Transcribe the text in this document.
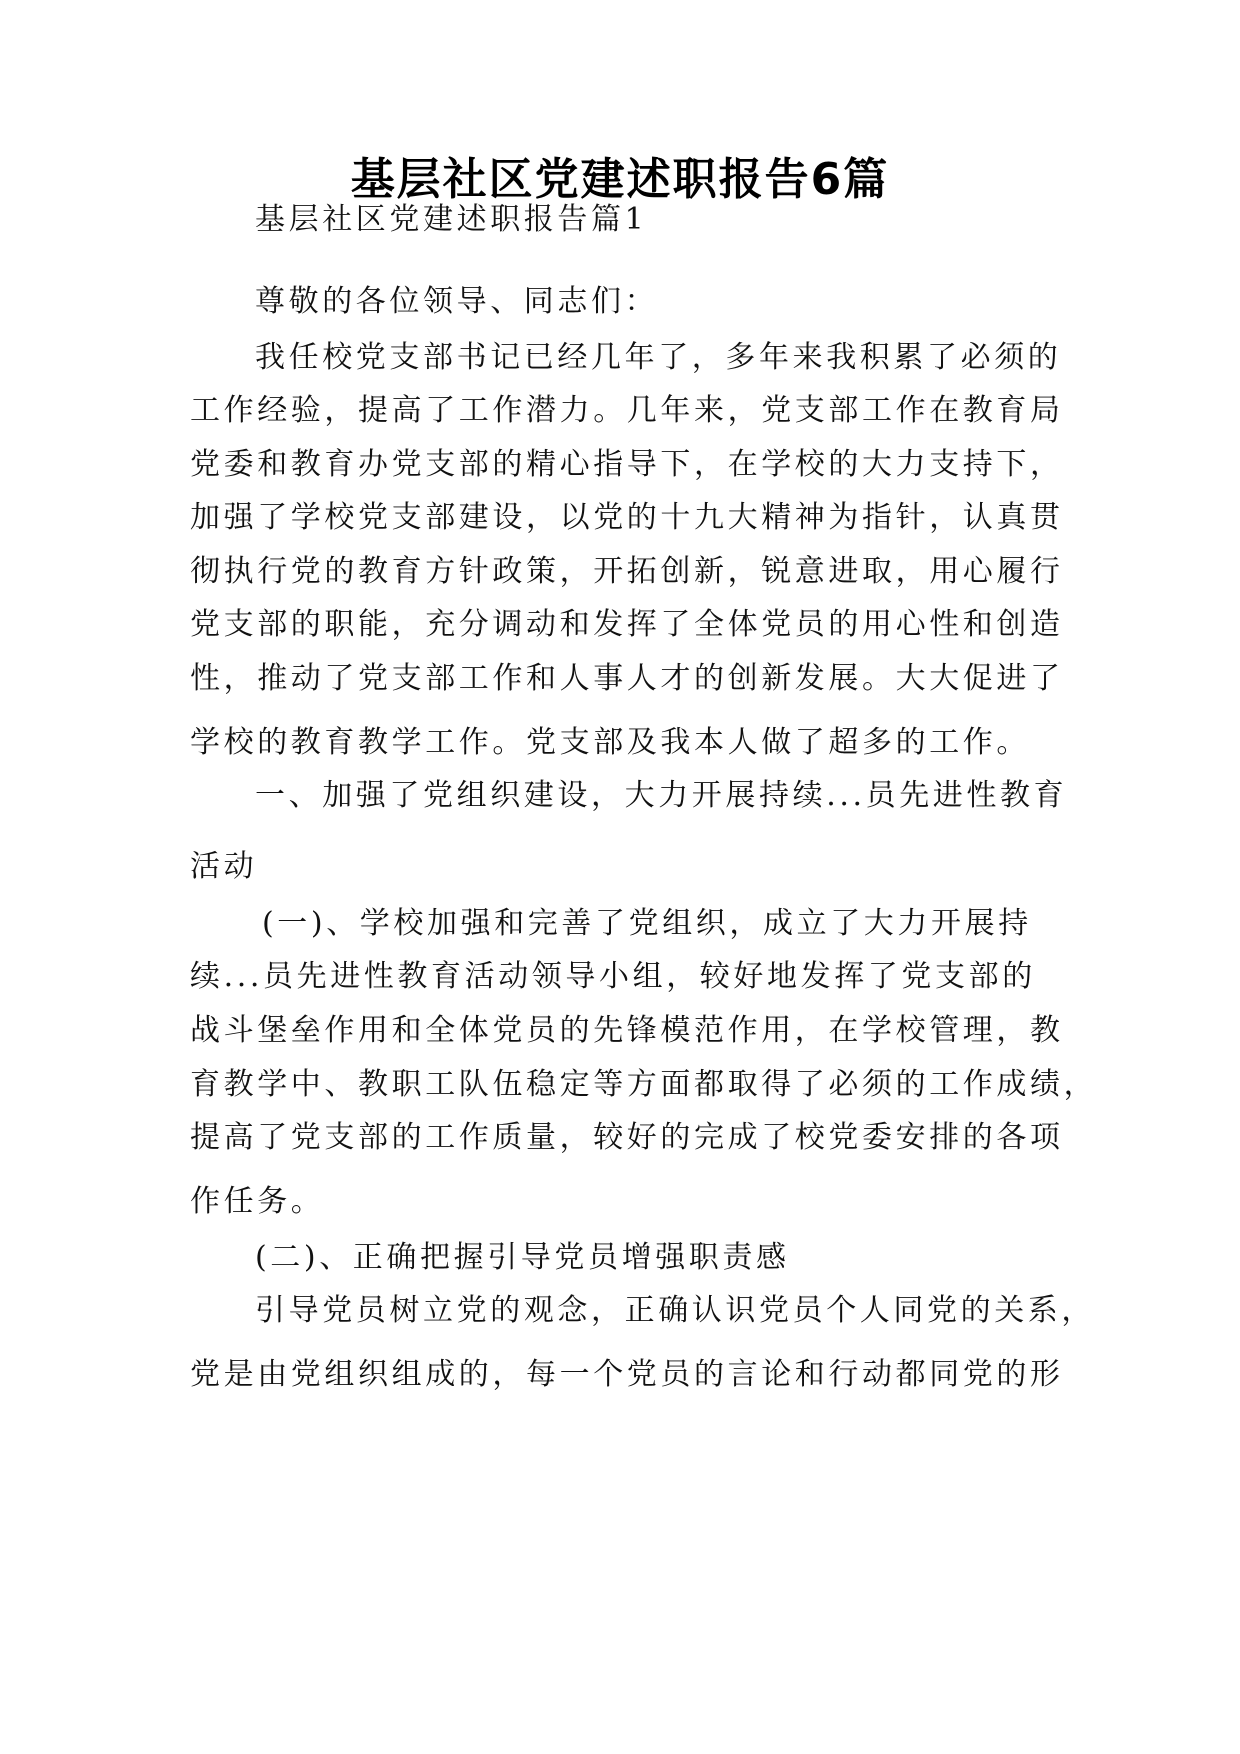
基层社区党建述职报告6篇
基层社区党建述职报告篇1
尊敬的各位领导、同志们：
我任校党支部书记已经几年了，多年来我积累了必须的
工作经验，提高了工作潜力。几年来，党支部工作在教育局
党委和教育办党支部的精心指导下，在学校的大力支持下，
加强了学校党支部建设，以党的十九大精神为指针，认真贯
彻执行党的教育方针政策，开拓创新，锐意进取，用心履行
党支部的职能，充分调动和发挥了全体党员的用心性和创造
性，推动了党支部工作和人事人才的创新发展。大大促进了
学校的教育教学工作。党支部及我本人做了超多的工作。
一、加强了党组织建设，大力开展持续...员先进性教育
活动
(一)、学校加强和完善了党组织，成立了大力开展持
续...员先进性教育活动领导小组，较好地发挥了党支部的
战斗堡垒作用和全体党员的先锋模范作用，在学校管理，教
育教学中、教职工队伍稳定等方面都取得了必须的工作成绩，
提高了党支部的工作质量，较好的完成了校党委安排的各项
作任务。
(二)、正确把握引导党员增强职责感
引导党员树立党的观念，正确认识党员个人同党的关系，
党是由党组织组成的，每一个党员的言论和行动都同党的形
